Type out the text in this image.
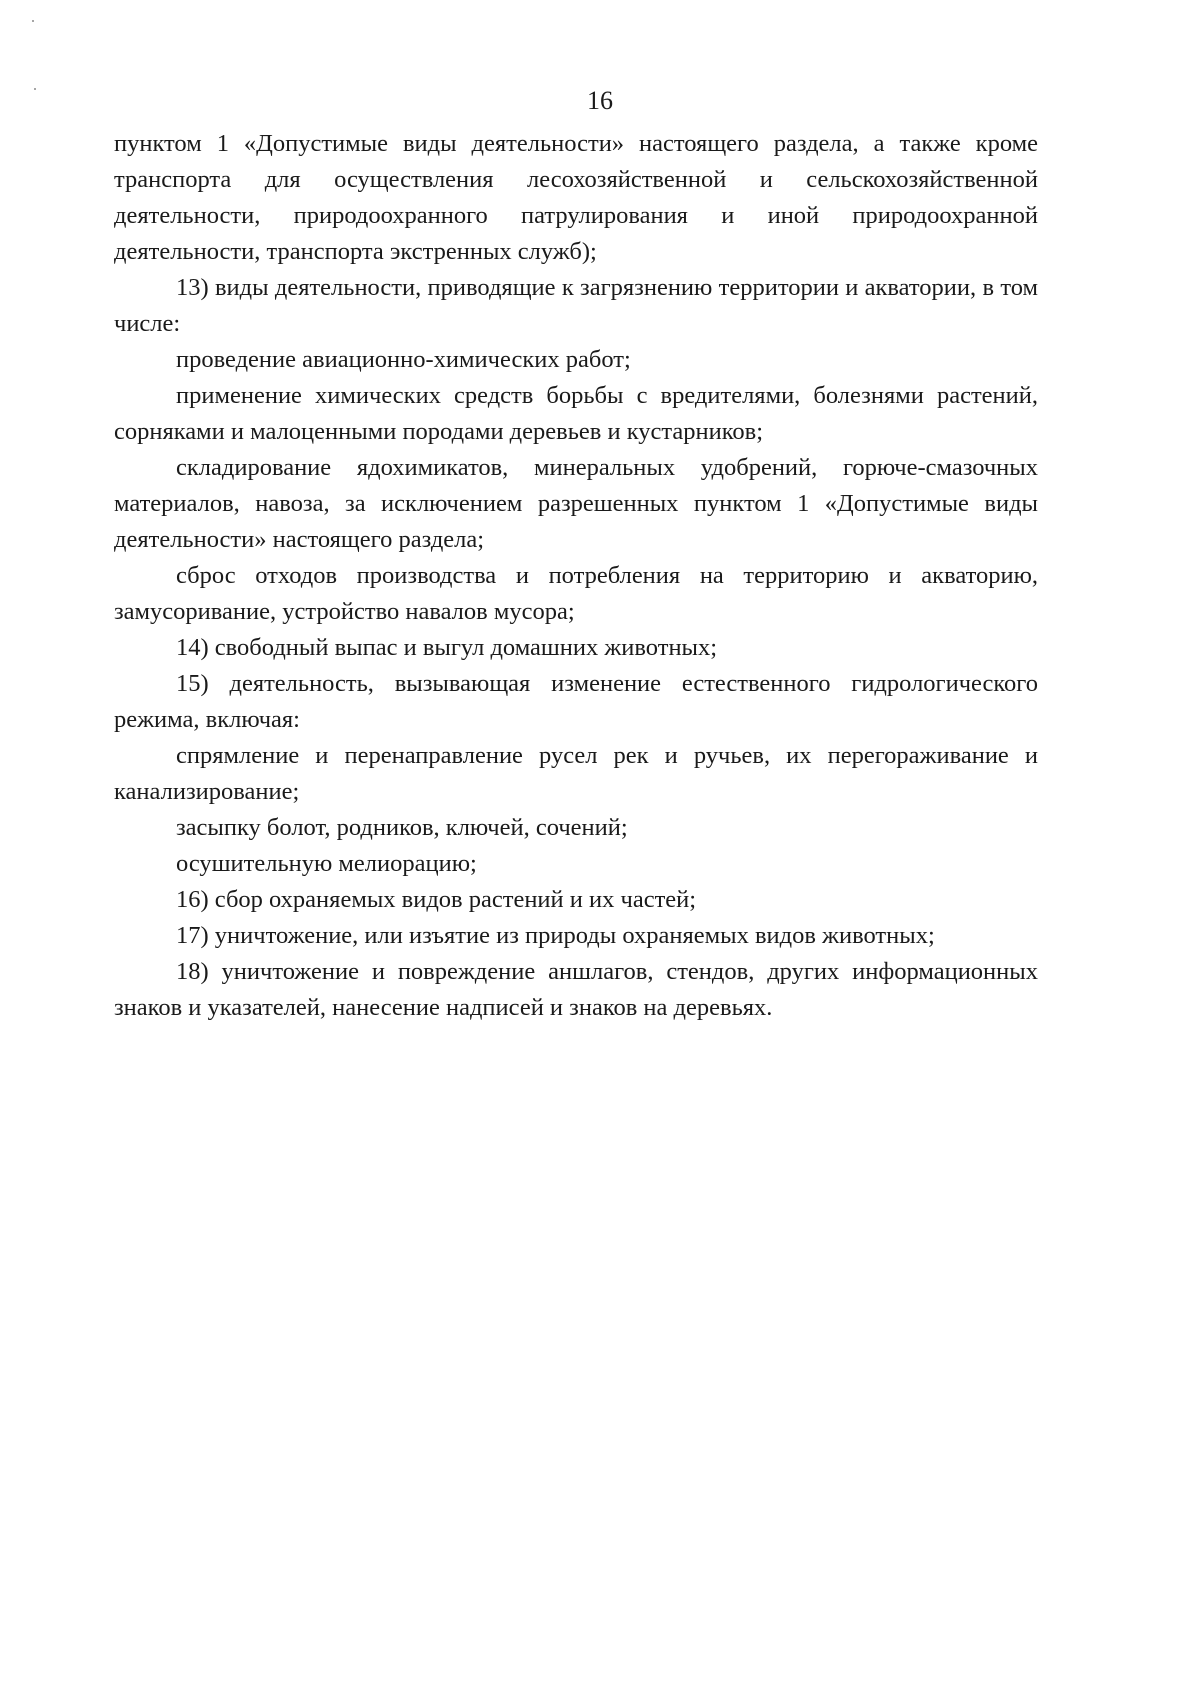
16

пунктом 1 «Допустимые виды деятельности» настоящего раздела, а также кроме транспорта для осуществления лесохозяйственной и сельскохозяйственной деятельности, природоохранного патрулирования и иной природоохранной деятельности, транспорта экстренных служб);

13) виды деятельности, приводящие к загрязнению территории и акватории, в том числе:

проведение авиационно-химических работ;

применение химических средств борьбы с вредителями, болезнями растений, сорняками и малоценными породами деревьев и кустарников;

складирование ядохимикатов, минеральных удобрений, горюче-смазочных материалов, навоза, за исключением разрешенных пунктом 1 «Допустимые виды деятельности» настоящего раздела;

сброс отходов производства и потребления на территорию и акваторию, замусоривание, устройство навалов мусора;

14) свободный выпас и выгул домашних животных;

15) деятельность, вызывающая изменение естественного гидрологического режима, включая:

спрямление и перенаправление русел рек и ручьев, их перегораживание и канализирование;

засыпку болот, родников, ключей, сочений;

осушительную мелиорацию;

16) сбор охраняемых видов растений и их частей;

17) уничтожение, или изъятие из природы охраняемых видов животных;

18) уничтожение и повреждение аншлагов, стендов, других информационных знаков и указателей, нанесение надписей и знаков на деревьях.
